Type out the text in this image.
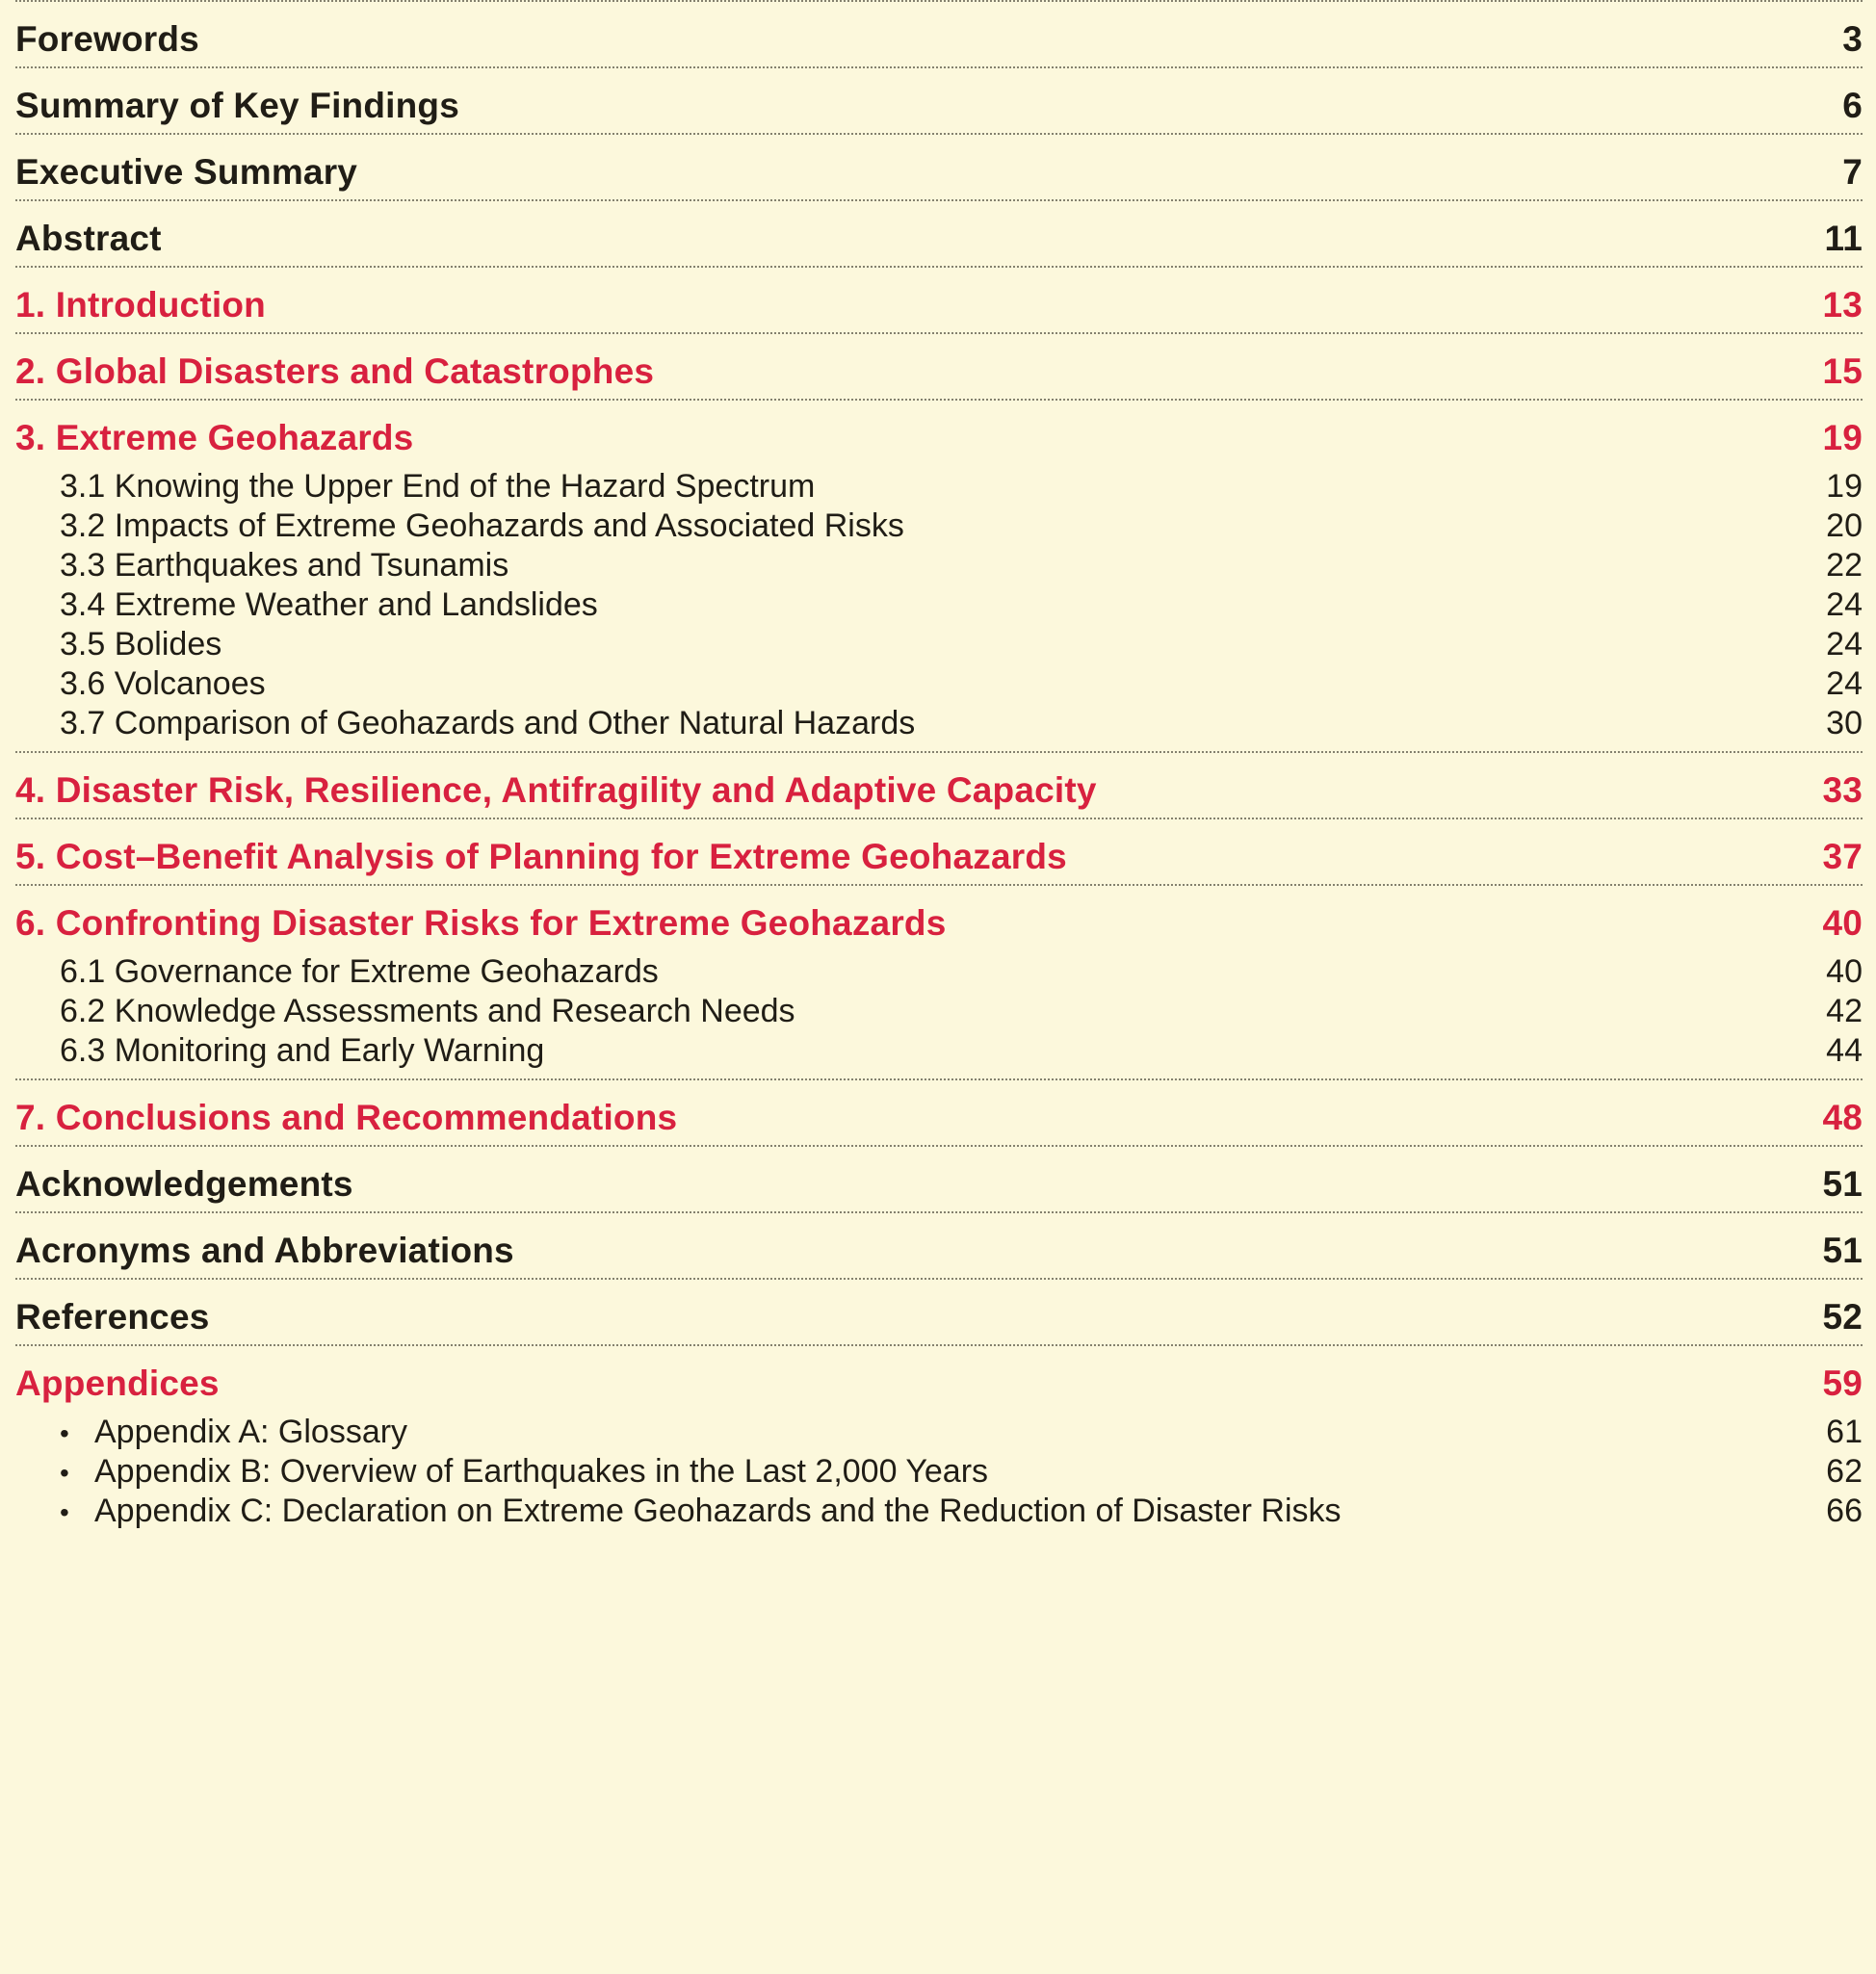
Forewords	3
Summary of Key Findings	6
Executive Summary	7
Abstract	11
1. Introduction	13
2. Global Disasters and Catastrophes	15
3. Extreme Geohazards	19
3.1 Knowing the Upper End of the Hazard Spectrum	19
3.2 Impacts of Extreme Geohazards and Associated Risks	20
3.3 Earthquakes and Tsunamis	22
3.4 Extreme Weather and Landslides	24
3.5 Bolides	24
3.6 Volcanoes	24
3.7 Comparison of Geohazards and Other Natural Hazards	30
4. Disaster Risk, Resilience, Antifragility and Adaptive Capacity	33
5. Cost–Benefit Analysis of Planning for Extreme Geohazards	37
6. Confronting Disaster Risks for Extreme Geohazards	40
6.1 Governance for Extreme Geohazards	40
6.2 Knowledge Assessments and Research Needs	42
6.3 Monitoring and Early Warning	44
7. Conclusions and Recommendations	48
Acknowledgements	51
Acronyms and Abbreviations	51
References	52
Appendices	59
• Appendix A: Glossary	61
• Appendix B: Overview of Earthquakes in the Last 2,000 Years	62
• Appendix C: Declaration on Extreme Geohazards and the Reduction of Disaster Risks	66
